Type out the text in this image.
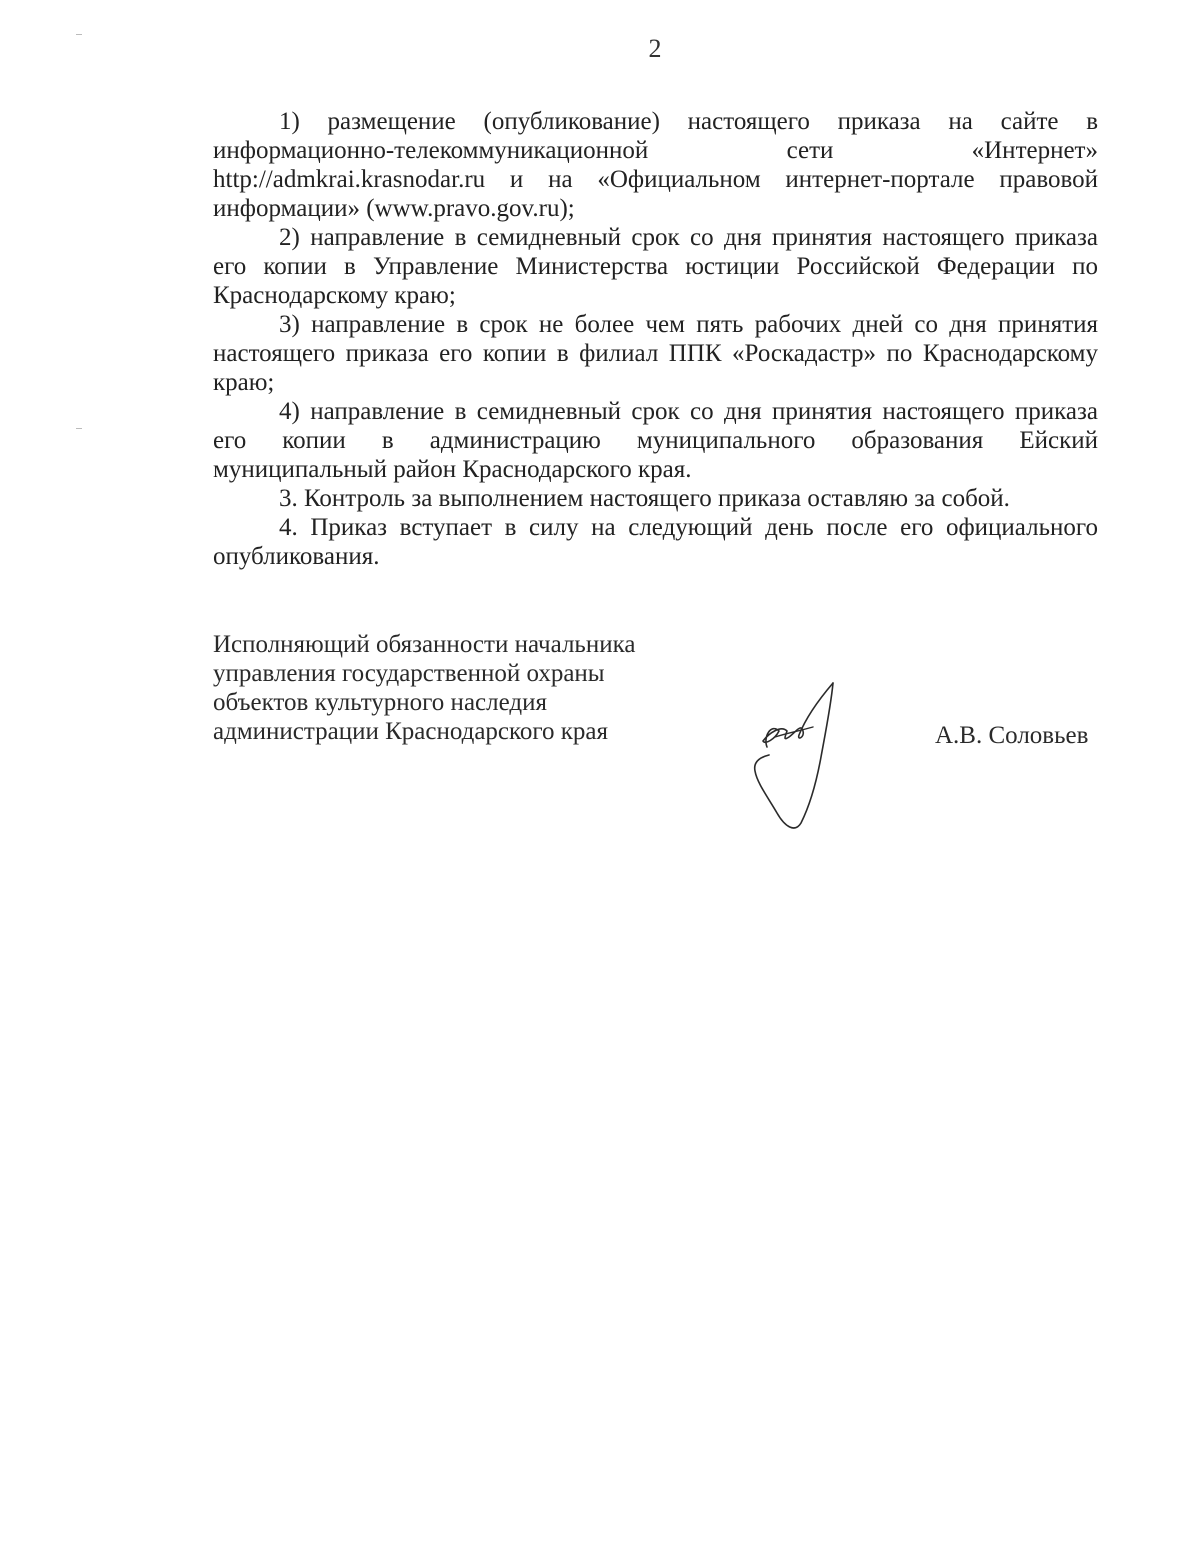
2

1) размещение (опубликование) настоящего приказа на сайте в информационно-телекоммуникационной сети «Интернет» http://admkrai.krasnodar.ru и на «Официальном интернет-портале правовой информации» (www.pravo.gov.ru);

2) направление в семидневный срок со дня принятия настоящего приказа его копии в Управление Министерства юстиции Российской Федерации по Краснодарскому краю;

3) направление в срок не более чем пять рабочих дней со дня принятия настоящего приказа его копии в филиал ППК «Роскадастр» по Краснодарскому краю;

4) направление в семидневный срок со дня принятия настоящего приказа его копии в администрацию муниципального образования Ейский муниципальный район Краснодарского края.

3. Контроль за выполнением настоящего приказа оставляю за собой.

4. Приказ вступает в силу на следующий день после его официального опубликования.

Исполняющий обязанности начальника
управления государственной охраны
объектов культурного наследия
администрации Краснодарского края	А.В. Соловьев
